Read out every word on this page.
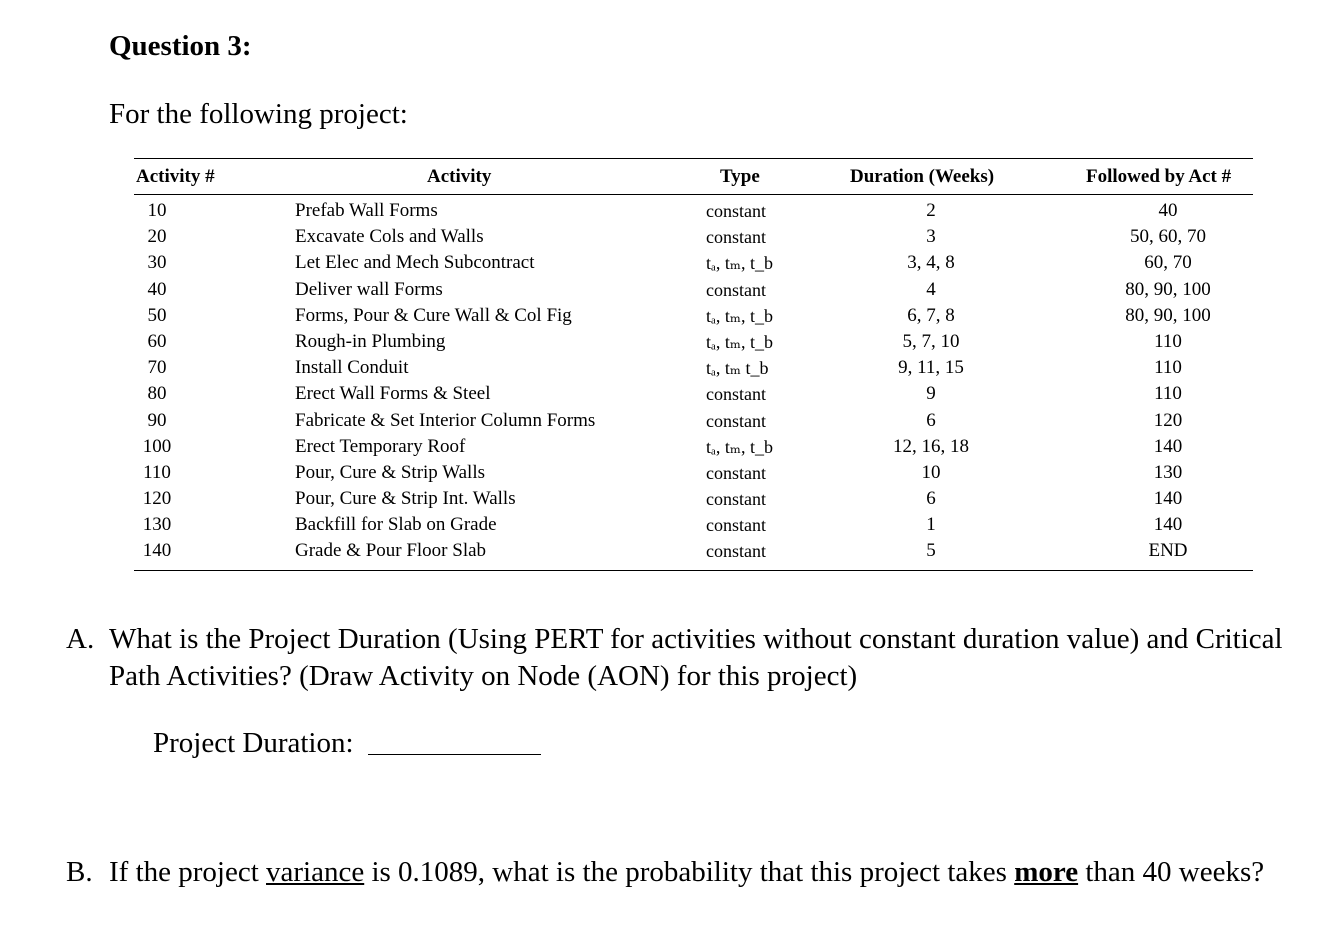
Question 3:
For the following project:
Activity #	Activity	Type	Duration (Weeks)	Followed by Act #
10	Prefab Wall Forms	constant	2	40
20	Excavate Cols and Walls	constant	3	50, 60, 70
30	Let Elec and Mech Subcontract	tₐ, tₘ, t_b	3, 4, 8	60, 70
40	Deliver wall Forms	constant	4	80, 90, 100
50	Forms, Pour & Cure Wall & Col Fig	tₐ, tₘ, t_b	6, 7, 8	80, 90, 100
60	Rough-in Plumbing	tₐ, tₘ, t_b	5, 7, 10	110
70	Install Conduit	tₐ, tₘ t_b	9, 11, 15	110
80	Erect Wall Forms & Steel	constant	9	110
90	Fabricate & Set Interior Column Forms	constant	6	120
100	Erect Temporary Roof	tₐ, tₘ, t_b	12, 16, 18	140
110	Pour, Cure & Strip Walls	constant	10	130
120	Pour, Cure & Strip Int. Walls	constant	6	140
130	Backfill for Slab on Grade	constant	1	140
140	Grade & Pour Floor Slab	constant	5	END
A. What is the Project Duration (Using PERT for activities without constant duration value) and Critical Path Activities? (Draw Activity on Node (AON) for this project)
Project Duration:
B. If the project variance is 0.1089, what is the probability that this project takes more than 40 weeks?
